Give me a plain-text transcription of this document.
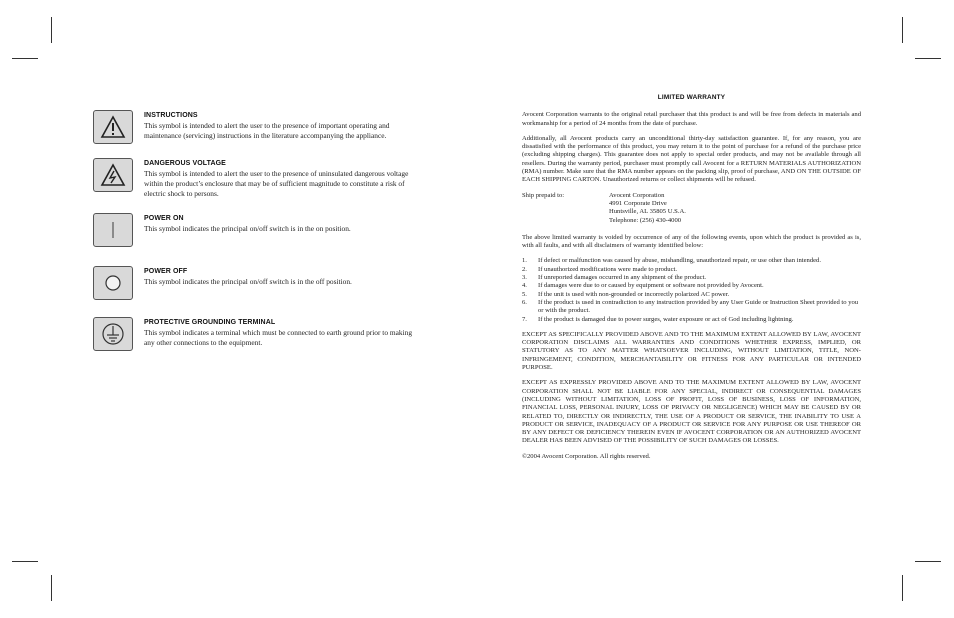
INSTRUCTIONS
This symbol is intended to alert the user to the presence of important operating and maintenance (servicing) instructions in the literature accompanying the appliance.
DANGEROUS VOLTAGE
This symbol is intended to alert the user to the presence of uninsulated dangerous voltage within the product’s enclosure that may be of sufficient magnitude to constitute a risk of electric shock to persons.
POWER ON
This symbol indicates the principal on/off switch is in the on position.
POWER OFF
This symbol indicates the principal on/off switch is in the off position.
PROTECTIVE GROUNDING TERMINAL
This symbol indicates a terminal which must be connected to earth ground prior to making any other connections to the equipment.
LIMITED WARRANTY

Avocent Corporation warrants to the original retail purchaser that this product is and will be free from defects in materials and workmanship for a period of 24 months from the date of purchase.

Additionally, all Avocent products carry an unconditional thirty-day satisfaction guarantee. If, for any reason, you are dissatisfied with the performance of this product, you may return it to the point of purchase for a refund of the purchase price (excluding shipping charges). This guarantee does not apply to special order products, and may not be available through all resellers. During the warranty period, purchaser must promptly call Avocent for a RETURN MATERIALS AUTHORIZATION (RMA) number. Make sure that the RMA number appears on the packing slip, proof of purchase, AND ON THE OUTSIDE OF EACH SHIPPING CARTON. Unauthorized returns or collect shipments will be refused.

Ship prepaid to:	Avocent Corporation
4991 Corporate Drive
Huntsville, AL 35805 U.S.A.
Telephone: (256) 430-4000

The above limited warranty is voided by occurrence of any of the following events, upon which the product is provided as is, with all faults, and with all disclaimers of warranty identified below:

1.	If defect or malfunction was caused by abuse, mishandling, unauthorized repair, or use other than intended.
2.	If unauthorized modifications were made to product.
3.	If unreported damages occurred in any shipment of the product.
4.	If damages were due to or caused by equipment or software not provided by Avocent.
5.	If the unit is used with non-grounded or incorrectly polarized AC power.
6.	If the product is used in contradiction to any instruction provided by any User Guide or Instruction Sheet provided to you or with the product.
7.	If the product is damaged due to power surges, water exposure or act of God including lightning.

EXCEPT AS SPECIFICALLY PROVIDED ABOVE AND TO THE MAXIMUM EXTENT ALLOWED BY LAW, AVOCENT CORPORATION DISCLAIMS ALL WARRANTIES AND CONDITIONS WHETHER EXPRESS, IMPLIED, OR STATUTORY AS TO ANY MATTER WHATSOEVER INCLUDING, WITHOUT LIMITATION, TITLE, NON-INFRINGEMENT, CONDITION, MERCHANTABILITY OR FITNESS FOR ANY PARTICULAR OR INTENDED PURPOSE.

EXCEPT AS EXPRESSLY PROVIDED ABOVE AND TO THE MAXIMUM EXTENT ALLOWED BY LAW, AVOCENT CORPORATION SHALL NOT BE LIABLE FOR ANY SPECIAL, INDIRECT OR CONSEQUENTIAL DAMAGES (INCLUDING WITHOUT LIMITATION, LOSS OF PROFIT, LOSS OF BUSINESS, LOSS OF INFORMATION, FINANCIAL LOSS, PERSONAL INJURY, LOSS OF PRIVACY OR NEGLIGENCE) WHICH MAY BE CAUSED BY OR RELATED TO, DIRECTLY OR INDIRECTLY, THE USE OF A PRODUCT OR SERVICE, THE INABILITY TO USE A PRODUCT OR SERVICE, INADEQUACY OF A PRODUCT OR SERVICE FOR ANY PURPOSE OR USE THEREOF OR BY ANY DEFECT OR DEFICIENCY THEREIN EVEN IF AVOCENT CORPORATION OR AN AUTHORIZED AVOCENT DEALER HAS BEEN ADVISED OF THE POSSIBILITY OF SUCH DAMAGES OR LOSSES.

©2004 Avocent Corporation. All rights reserved.
